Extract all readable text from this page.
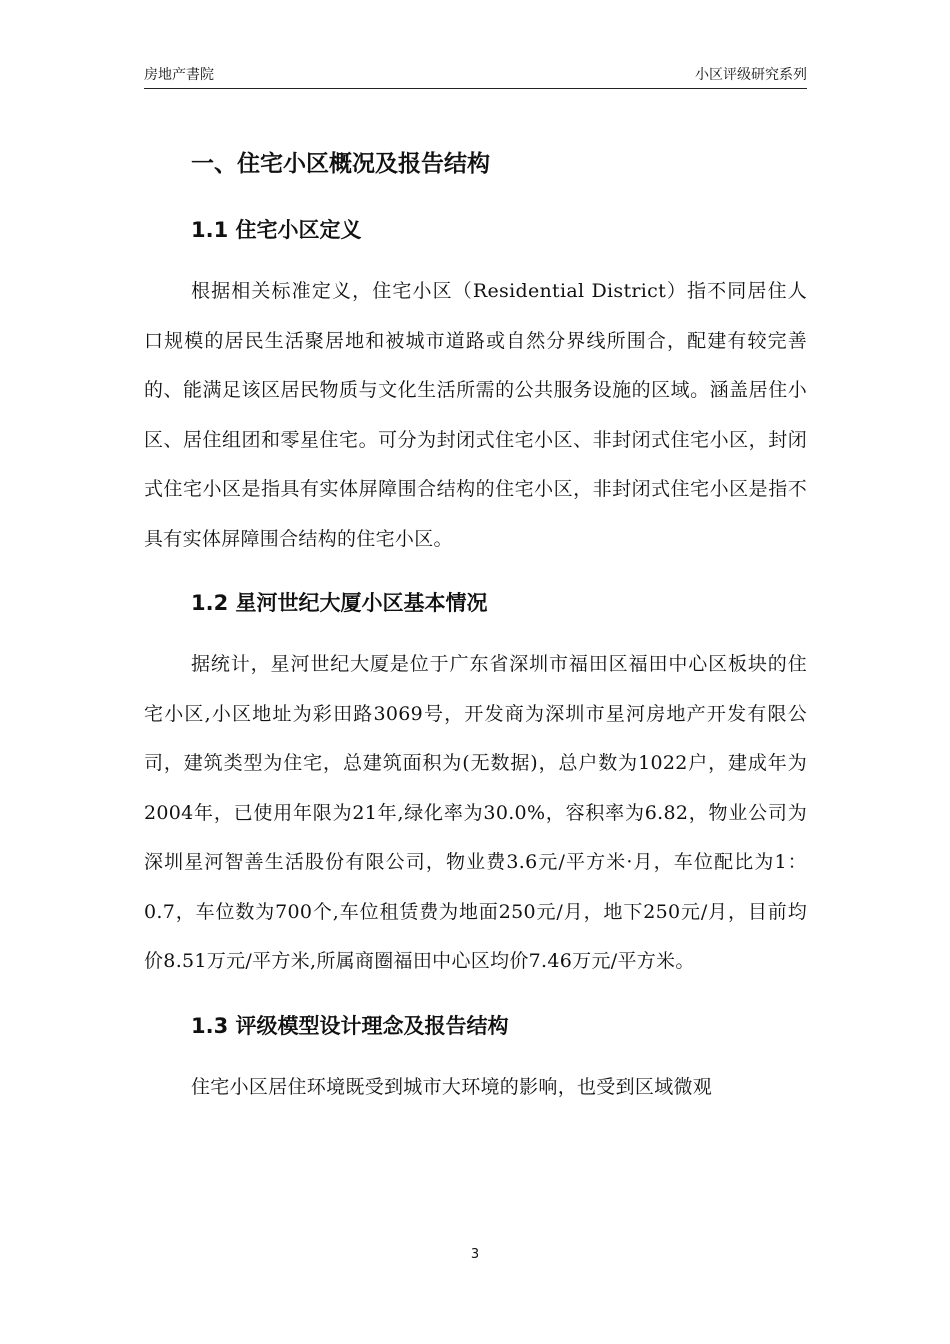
房地产書院	小区评级研究系列
一、住宅小区概况及报告结构
1.1 住宅小区定义

根据相关标准定义，住宅小区（Residential District）指不同居住人口规模的居民生活聚居地和被城市道路或自然分界线所围合，配建有较完善的、能满足该区居民物质与文化生活所需的公共服务设施的区域。涵盖居住小区、居住组团和零星住宅。可分为封闭式住宅小区、非封闭式住宅小区，封闭式住宅小区是指具有实体屏障围合结构的住宅小区，非封闭式住宅小区是指不具有实体屏障围合结构的住宅小区。

1.2 星河世纪大厦小区基本情况

据统计，星河世纪大厦是位于广东省深圳市福田区福田中心区板块的住宅小区,小区地址为彩田路3069号，开发商为深圳市星河房地产开发有限公司，建筑类型为住宅，总建筑面积为(无数据)，总户数为1022户，建成年为2004年，已使用年限为21年,绿化率为30.0%，容积率为6.82，物业公司为深圳星河智善生活股份有限公司，物业费3.6元/平方米·月，车位配比为1：0.7，车位数为700个,车位租赁费为地面250元/月，地下250元/月，目前均价8.51万元/平方米,所属商圈福田中心区均价7.46万元/平方米。

1.3 评级模型设计理念及报告结构

住宅小区居住环境既受到城市大环境的影响，也受到区域微观

3
